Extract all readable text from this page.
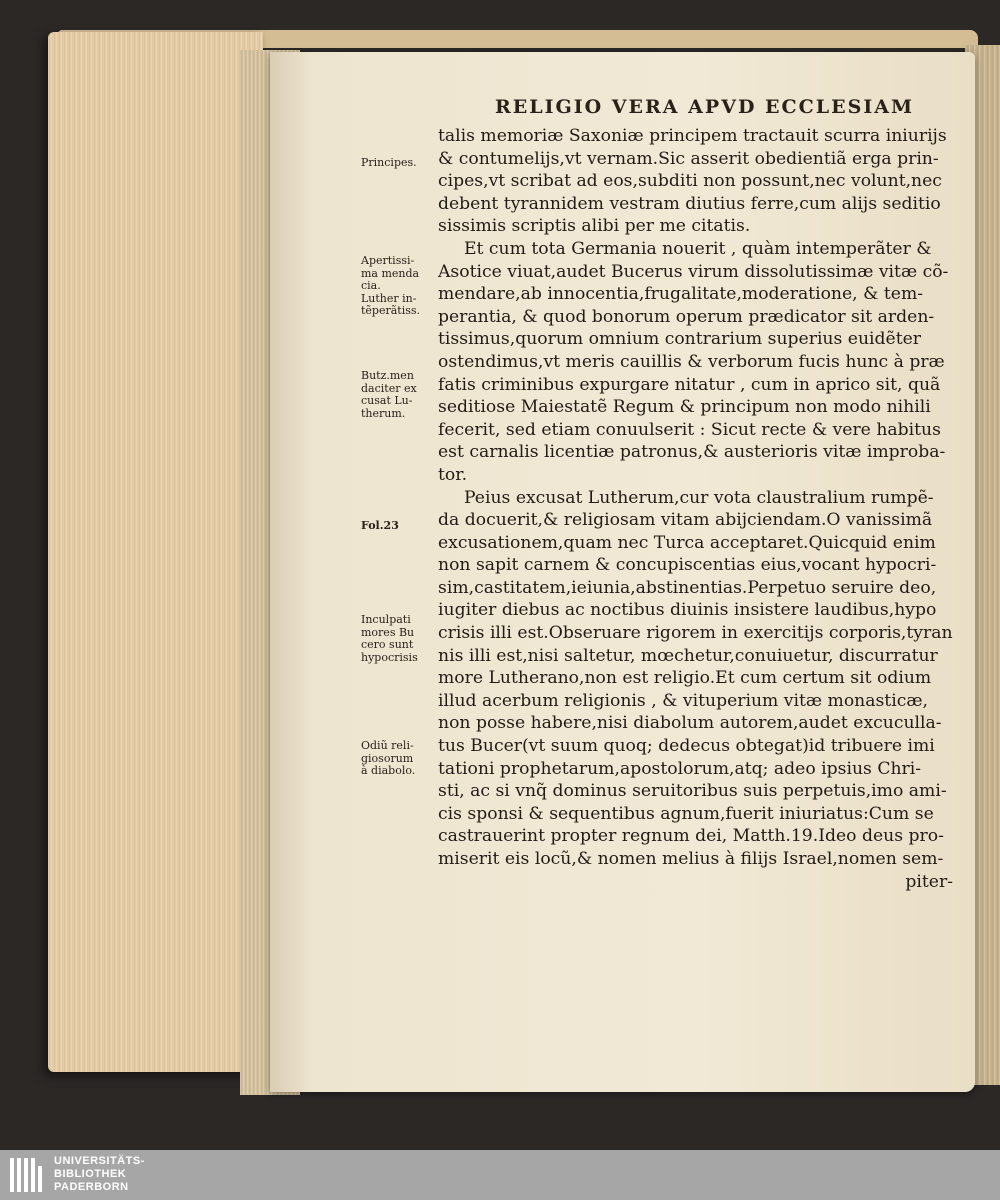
RELIGIO VERA APVD ECCLESIAM
talis memoriæ Saxoniæ principem tractauit scurra iniurijs
& contumelijs,vt vernam.Sic asserit obedientiã erga prin-
cipes,vt scribat ad eos,subditi non possunt,nec volunt,nec
debent tyrannidem vestram diutius ferre,cum alijs seditio
sissimis scriptis alibi per me citatis.
Et cum tota Germania nouerit , quàm intemperãter &
Asotice viuat,audet Bucerus virum dissolutissimæ vitæ cõ-
mendare,ab innocentia,frugalitate,moderatione, & tem-
perantia, & quod bonorum operum prædicator sit arden-
tissimus,quorum omnium contrarium superius euidẽter
ostendimus,vt meris cauillis & verborum fucis hunc à præ
fatis criminibus expurgare nitatur , cum in aprico sit, quã
seditiose Maiestatẽ Regum & principum non modo nihili
fecerit, sed etiam conuulserit : Sicut recte & vere habitus
est carnalis licentiæ patronus,& austerioris vitæ improba-
tor.
Peius excusat Lutherum,cur vota claustralium rumpẽ-
da docuerit,& religiosam vitam abijciendam.O vanissimã
excusationem,quam nec Turca acceptaret.Quicquid enim
non sapit carnem & concupiscentias eius,vocant hypocri-
sim,castitatem,ieiunia,abstinentias.Perpetuo seruire deo,
iugiter diebus ac noctibus diuinis insistere laudibus,hypo
crisis illi est.Obseruare rigorem in exercitijs corporis,tyran
nis illi est,nisi saltetur, mœchetur,conuiuetur, discurratur
more Lutherano,non est religio.Et cum certum sit odium
illud acerbum religionis , & vituperium vitæ monasticæ,
non posse habere,nisi diabolum autorem,audet excuculla-
tus Bucer(vt suum quoq; dedecus obtegat)id tribuere imi
tationi prophetarum,apostolorum,atq; adeo ipsius Chri-
sti, ac si vnq̃ dominus seruitoribus suis perpetuis,imo ami-
cis sponsi & sequentibus agnum,fuerit iniuriatus:Cum se
castrauerint propter regnum dei, Matth.19.Ideo deus pro-
miserit eis locũ,& nomen melius à filijs Israel,nomen sem-
piter-
Principes.
Apertissi-
ma menda
cia.
Luther in-
tẽperãtiss.
Butz.men
daciter ex
cusat Lu-
therum.
Fol.23
Inculpati
mores Bu
cero sunt
hypocrisis
Odiũ reli-
giosorum
à diabolo.
UNIVERSITÄTS-
BIBLIOTHEK
PADERBORN
